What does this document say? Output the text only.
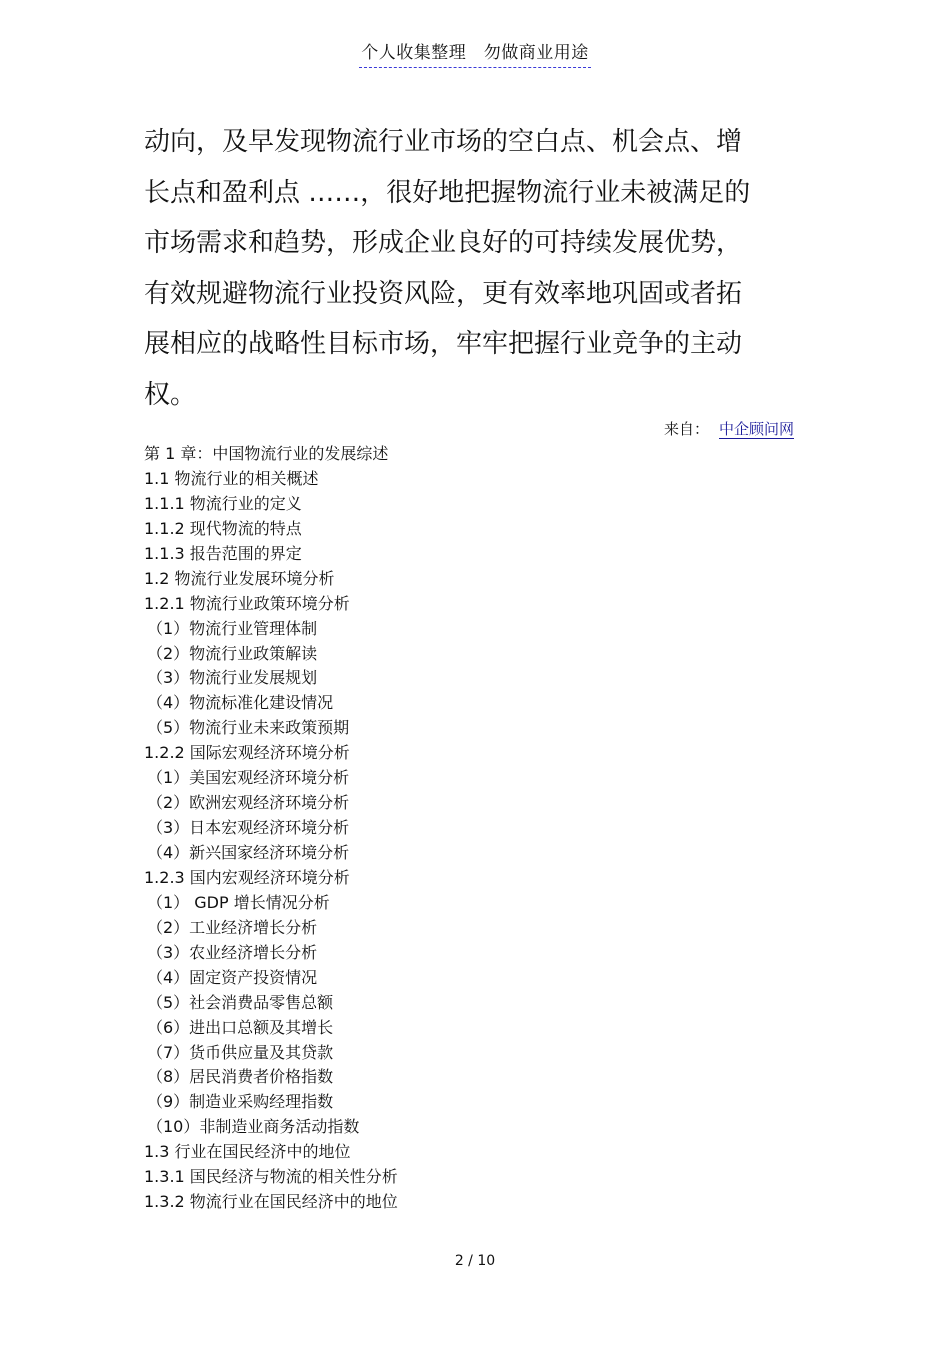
个人收集整理　勿做商业用途
动向，及早发现物流行业市场的空白点、机会点、增
长点和盈利点 ……，很好地把握物流行业未被满足的
市场需求和趋势，形成企业良好的可持续发展优势，
有效规避物流行业投资风险，更有效率地巩固或者拓
展相应的战略性目标市场，牢牢把握行业竞争的主动
权。
来自： 中企顾问网
第 1 章：中国物流行业的发展综述
1.1 物流行业的相关概述
1.1.1 物流行业的定义
1.1.2 现代物流的特点
1.1.3 报告范围的界定
1.2 物流行业发展环境分析
1.2.1 物流行业政策环境分析
（1）物流行业管理体制
（2）物流行业政策解读
（3）物流行业发展规划
（4）物流标准化建设情况
（5）物流行业未来政策预期
1.2.2 国际宏观经济环境分析
（1）美国宏观经济环境分析
（2）欧洲宏观经济环境分析
（3）日本宏观经济环境分析
（4）新兴国家经济环境分析
1.2.3 国内宏观经济环境分析
（1） GDP 增长情况分析
（2）工业经济增长分析
（3）农业经济增长分析
（4）固定资产投资情况
（5）社会消费品零售总额
（6）进出口总额及其增长
（7）货币供应量及其贷款
（8）居民消费者价格指数
（9）制造业采购经理指数
（10）非制造业商务活动指数
1.3 行业在国民经济中的地位
1.3.1 国民经济与物流的相关性分析
1.3.2 物流行业在国民经济中的地位
2 / 10
